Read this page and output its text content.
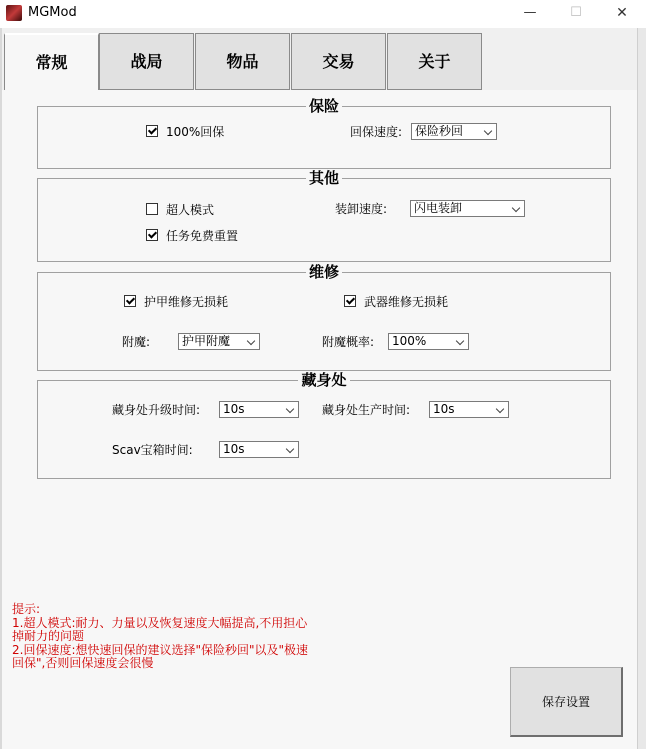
MGMod	—	☐	✕
保险
100%回保	回保速度:	保险秒回
其他
超人模式
任务免费重置
装卸速度:	闪电装卸
维修
护甲维修无损耗	武器维修无损耗
附魔:	护甲附魔	附魔概率:	100%
藏身处
藏身处升级时间:	10s	藏身处生产时间:	10s
Scav宝箱时间:	10s
常规	战局	物品	交易	关于
提示:
1.超人模式:耐力、力量以及恢复速度大幅提高,不用担心
掉耐力的问题
2.回保速度:想快速回保的建议选择"保险秒回"以及"极速
回保",否则回保速度会很慢
保存设置
